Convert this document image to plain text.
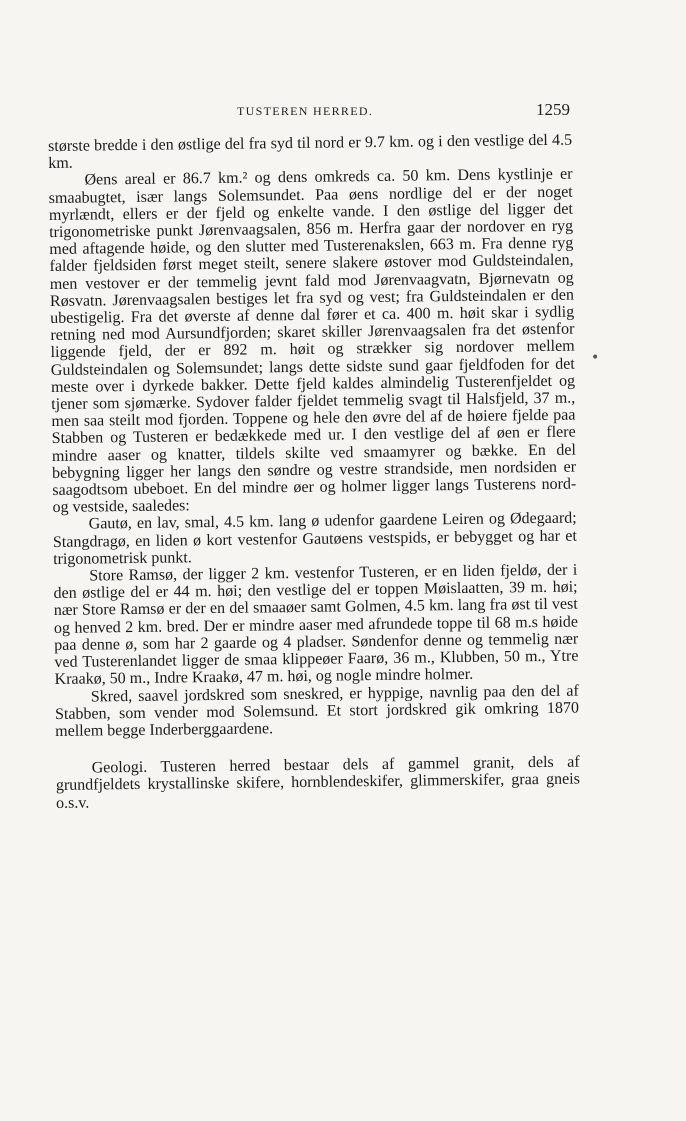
TUSTEREN HERRED.	1259

største bredde i den østlige del fra syd til nord er 9.7 km. og i den vestlige del 4.5 km.

Øens areal er 86.7 km.² og dens omkreds ca. 50 km. Dens kystlinje er smaabugtet, især langs Solemsundet. Paa øens nordlige del er der noget myrlændt, ellers er der fjeld og enkelte vande. I den østlige del ligger det trigonometriske punkt Jørenvaagsalen, 856 m. Herfra gaar der nordover en ryg med aftagende høide, og den slutter med Tusterenakslen, 663 m. Fra denne ryg falder fjeldsiden først meget steilt, senere slakere østover mod Guldsteindalen, men vestover er der temmelig jevnt fald mod Jørenvaagvatn, Bjørnevatn og Røsvatn. Jørenvaagsalen bestiges let fra syd og vest; fra Guldsteindalen er den ubestigelig. Fra det øverste af denne dal fører et ca. 400 m. høit skar i sydlig retning ned mod Aursundfjorden; skaret skiller Jørenvaagsalen fra det østenfor liggende fjeld, der er 892 m. høit og strækker sig nordover mellem Guldsteindalen og Solemsundet; langs dette sidste sund gaar fjeldfoden for det meste over i dyrkede bakker. Dette fjeld kaldes almindelig Tusterenfjeldet og tjener som sjømærke. Sydover falder fjeldet temmelig svagt til Halsfjeld, 37 m., men saa steilt mod fjorden. Toppene og hele den øvre del af de høiere fjelde paa Stabben og Tusteren er bedækkede med ur. I den vestlige del af øen er flere mindre aaser og knatter, tildels skilte ved smaamyrer og bække. En del bebygning ligger her langs den søndre og vestre strandside, men nordsiden er saagodtsom ubeboet. En del mindre øer og holmer ligger langs Tusterens nord- og vestside, saaledes:

Gautø, en lav, smal, 4.5 km. lang ø udenfor gaardene Leiren og Ødegaard; Stangdragø, en liden ø kort vestenfor Gautøens vestspids, er bebygget og har et trigonometrisk punkt.

Store Ramsø, der ligger 2 km. vestenfor Tusteren, er en liden fjeldø, der i den østlige del er 44 m. høi; den vestlige del er toppen Møislaatten, 39 m. høi; nær Store Ramsø er der en del smaaøer samt Golmen, 4.5 km. lang fra øst til vest og henved 2 km. bred. Der er mindre aaser med afrundede toppe til 68 m.s høide paa denne ø, som har 2 gaarde og 4 pladser. Søndenfor denne og temmelig nær ved Tusterenlandet ligger de smaa klippeøer Faarø, 36 m., Klubben, 50 m., Ytre Kraakø, 50 m., Indre Kraakø, 47 m. høi, og nogle mindre holmer.

Skred, saavel jordskred som sneskred, er hyppige, navnlig paa den del af Stabben, som vender mod Solemsund. Et stort jordskred gik omkring 1870 mellem begge Inderberggaardene.

Geologi. Tusteren herred bestaar dels af gammel granit, dels af grundfjeldets krystallinske skifere, hornblendeskifer, glimmerskifer, graa gneis o.s.v.

•
